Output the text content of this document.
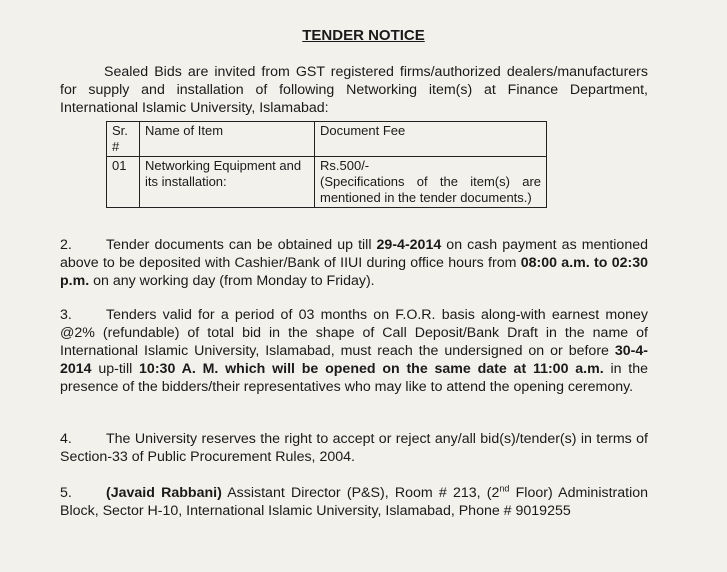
TENDER NOTICE
Sealed Bids are invited from GST registered firms/authorized dealers/manufacturers for supply and installation of following Networking item(s) at Finance Department, International Islamic University, Islamabad:
Sr. #	Name of Item	Document Fee
01	Networking Equipment and its installation:	Rs.500/-
(Specifications of the item(s) are mentioned in the tender documents.)
2. Tender documents can be obtained up till 29-4-2014 on cash payment as mentioned above to be deposited with Cashier/Bank of IIUI during office hours from 08:00 a.m. to 02:30 p.m. on any working day (from Monday to Friday).
3. Tenders valid for a period of 03 months on F.O.R. basis along-with earnest money @2% (refundable) of total bid in the shape of Call Deposit/Bank Draft in the name of International Islamic University, Islamabad, must reach the undersigned on or before 30-4-2014 up-till 10:30 A. M. which will be opened on the same date at 11:00 a.m. in the presence of the bidders/their representatives who may like to attend the opening ceremony.
4. The University reserves the right to accept or reject any/all bid(s)/tender(s) in terms of Section-33 of Public Procurement Rules, 2004.
5. (Javaid Rabbani) Assistant Director (P&S), Room # 213, (2nd Floor) Administration Block, Sector H-10, International Islamic University, Islamabad, Phone # 9019255
